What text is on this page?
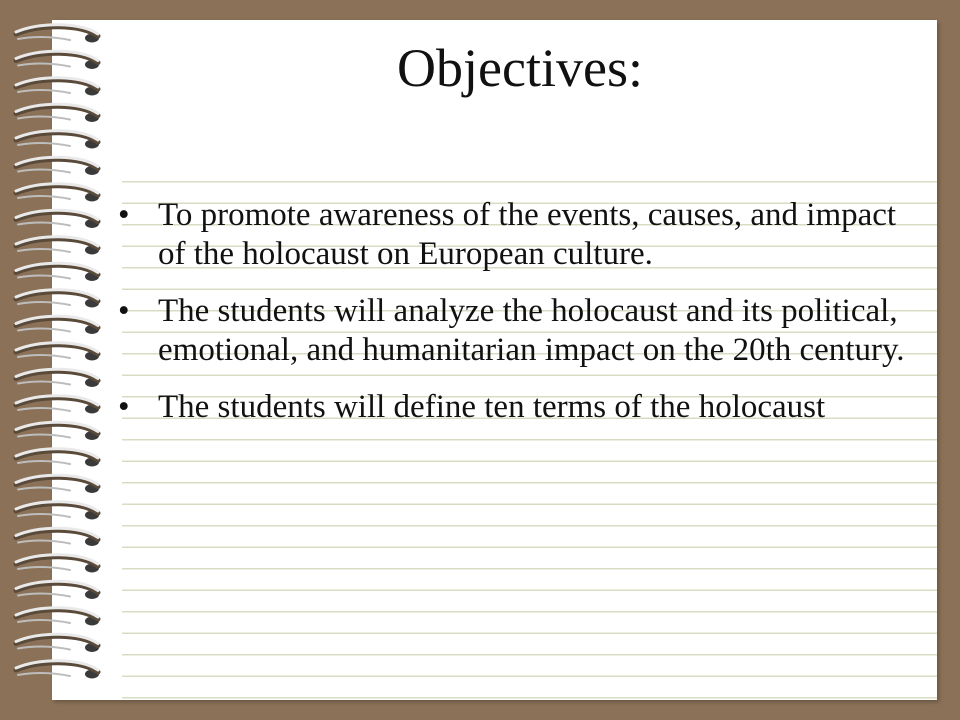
Objectives:
• To promote awareness of the events, causes, and impact of the holocaust on European culture.
• The students will analyze the holocaust and its political, emotional, and humanitarian impact on the 20th century.
• The students will define ten terms of the holocaust
